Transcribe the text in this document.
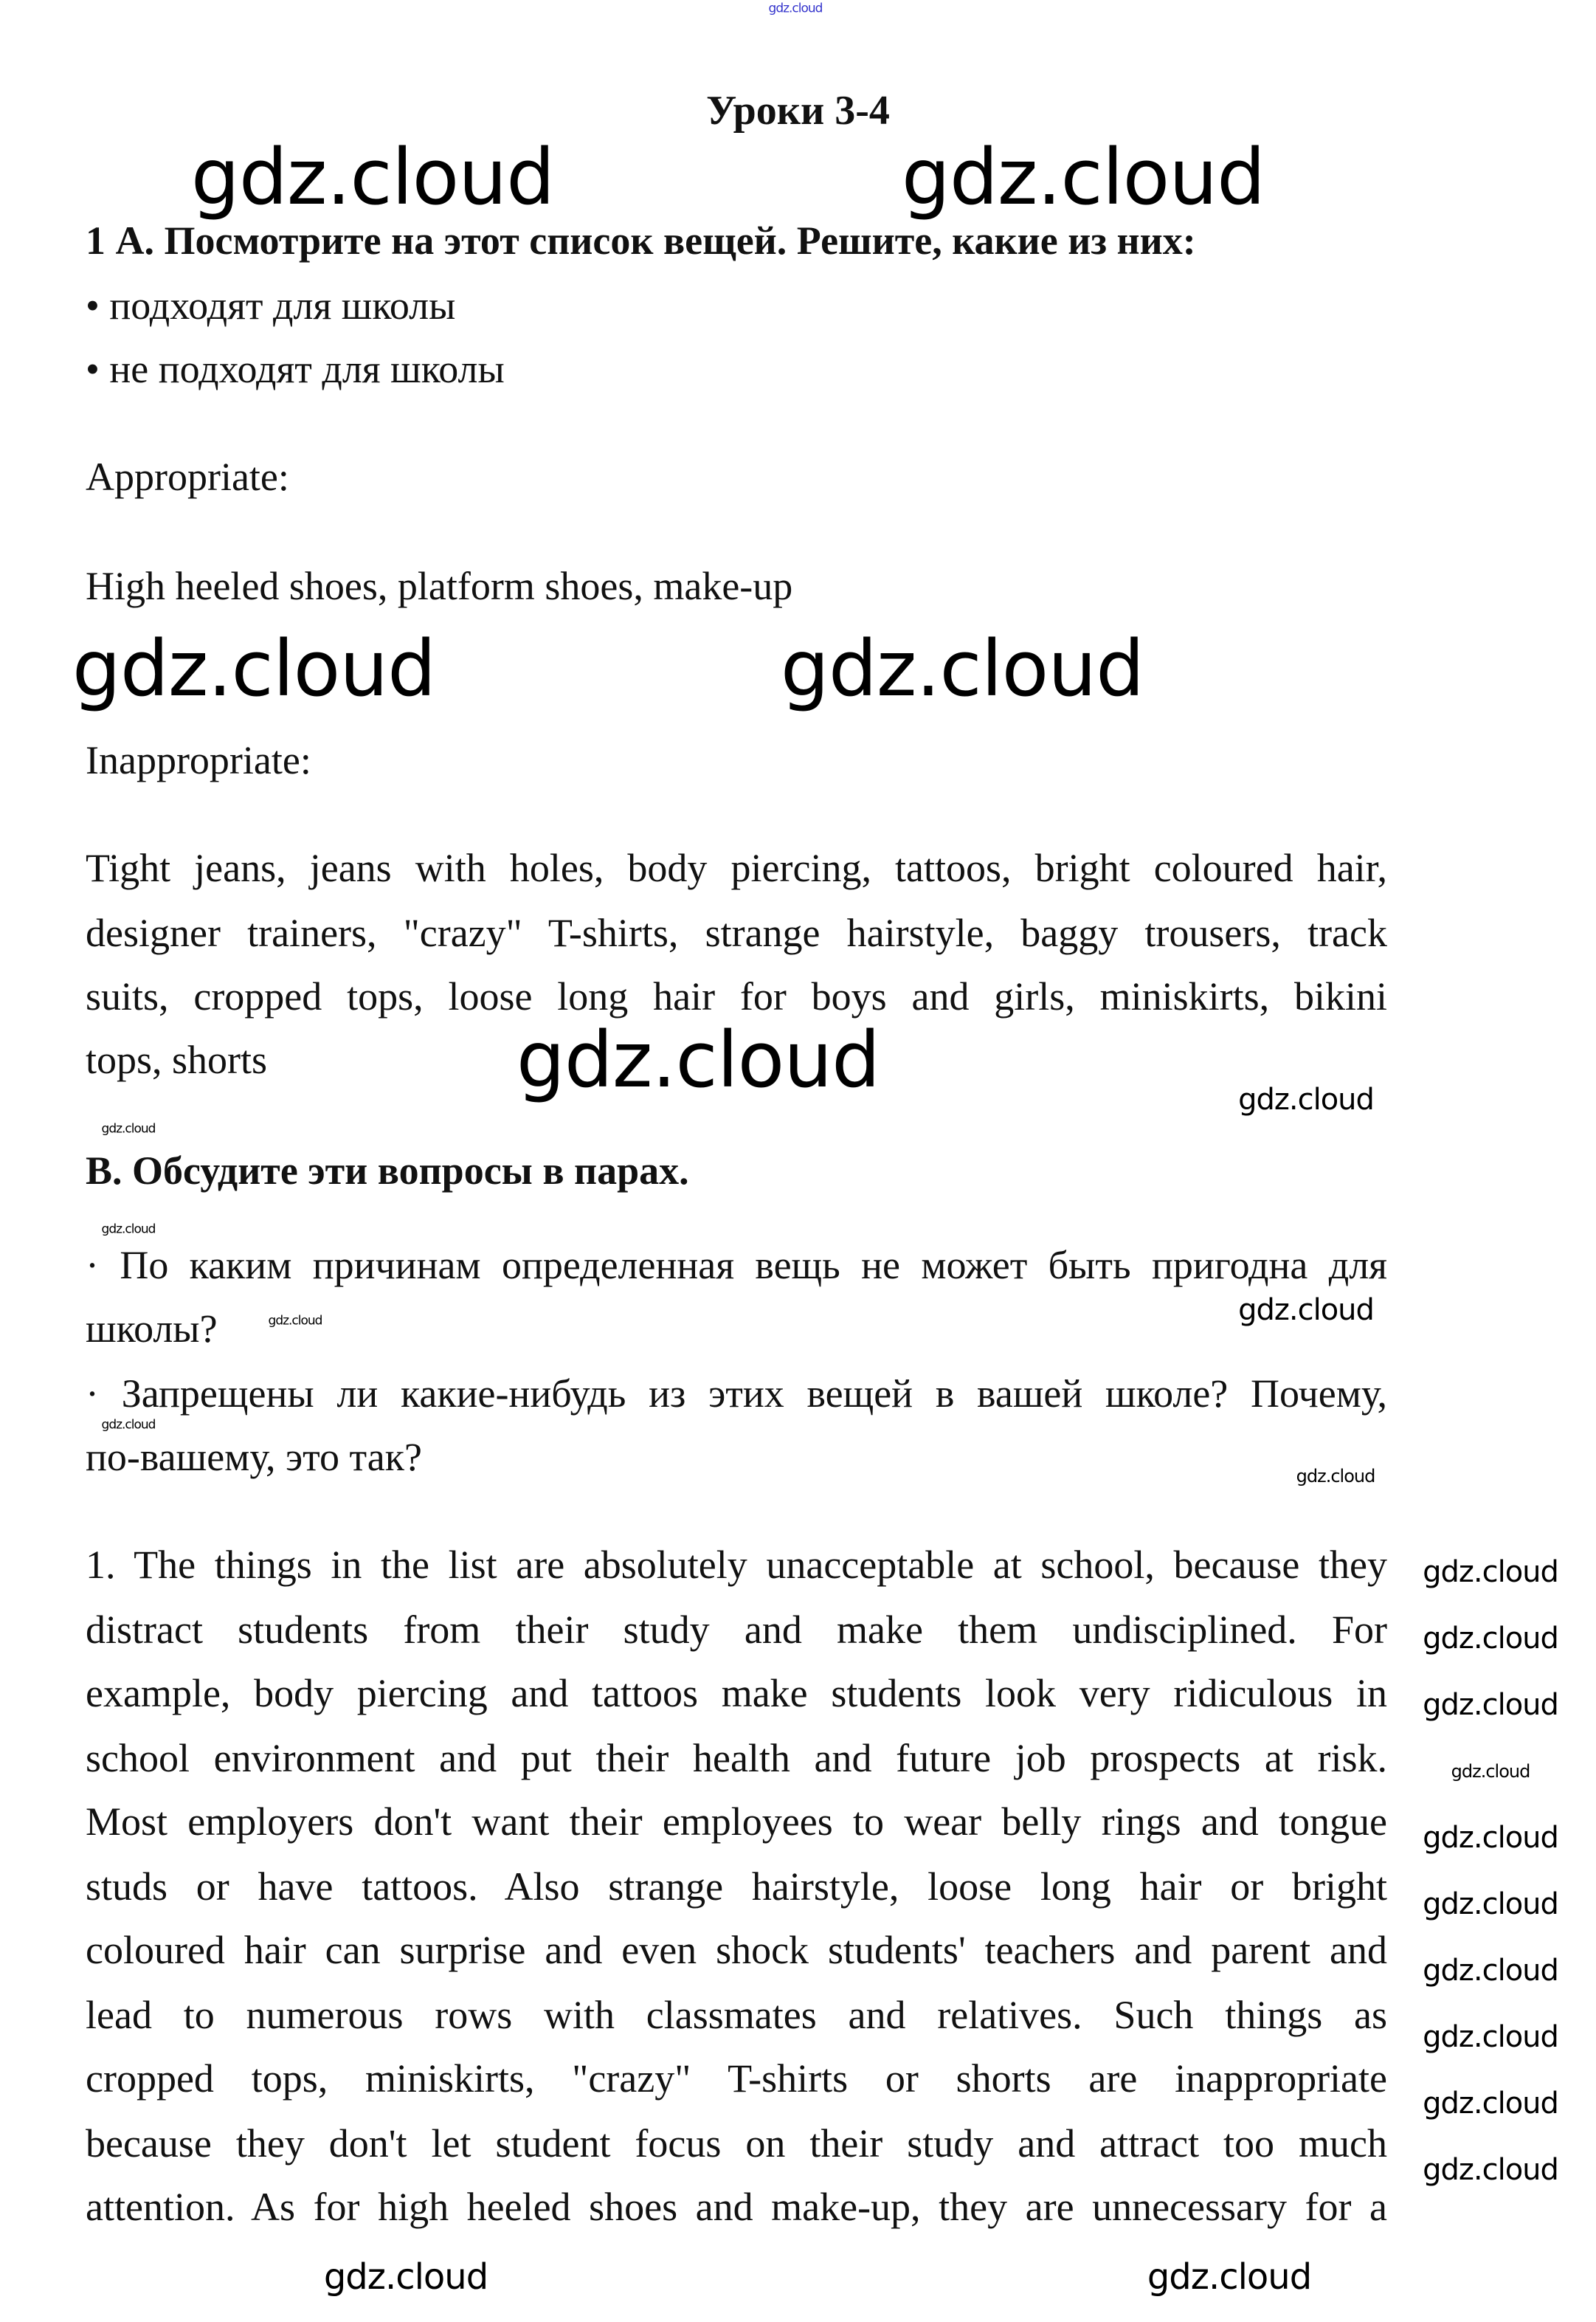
gdz.cloud
Уроки 3-4
gdz.cloud	gdz.cloud
1 А. Посмотрите на этот список вещей. Решите, какие из них:
• подходят для школы
• не подходят для школы
Appropriate:
High heeled shoes, platform shoes, make-up
gdz.cloud	gdz.cloud
Inappropriate:
Tight jeans, jeans with holes, body piercing, tattoos, bright coloured hair,
designer trainers, "crazy" T-shirts, strange hairstyle, baggy trousers, track
suits, cropped tops, loose long hair for boys and girls, miniskirts, bikini
tops, shorts	gdz.cloud	gdz.cloud
gdz.cloud
B. Обсудите эти вопросы в парах.
gdz.cloud
· По каким причинам определенная вещь не может быть пригодна для
gdz.cloud
gdz.cloud
школы?
· Запрещены ли какие-нибудь из этих вещей в вашей школе? Почему,
gdz.cloud
по-вашему, это так?	gdz.cloud
1. The things in the list are absolutely unacceptable at school, because they
distract students from their study and make them undisciplined. For
example, body piercing and tattoos make students look very ridiculous in
school environment and put their health and future job prospects at risk.
Most employers don't want their employees to wear belly rings and tongue
studs or have tattoos. Also strange hairstyle, loose long hair or bright
coloured hair can surprise and even shock students' teachers and parent and
lead to numerous rows with classmates and relatives. Such things as
cropped tops, miniskirts, "crazy" T-shirts or shorts are inappropriate
because they don't let student focus on their study and attract too much
attention. As for high heeled shoes and make-up, they are unnecessary for a
gdz.cloud
gdz.cloud
gdz.cloud
gdz.cloud
gdz.cloud
gdz.cloud
gdz.cloud
gdz.cloud
gdz.cloud
gdz.cloud
gdz.cloud	gdz.cloud
